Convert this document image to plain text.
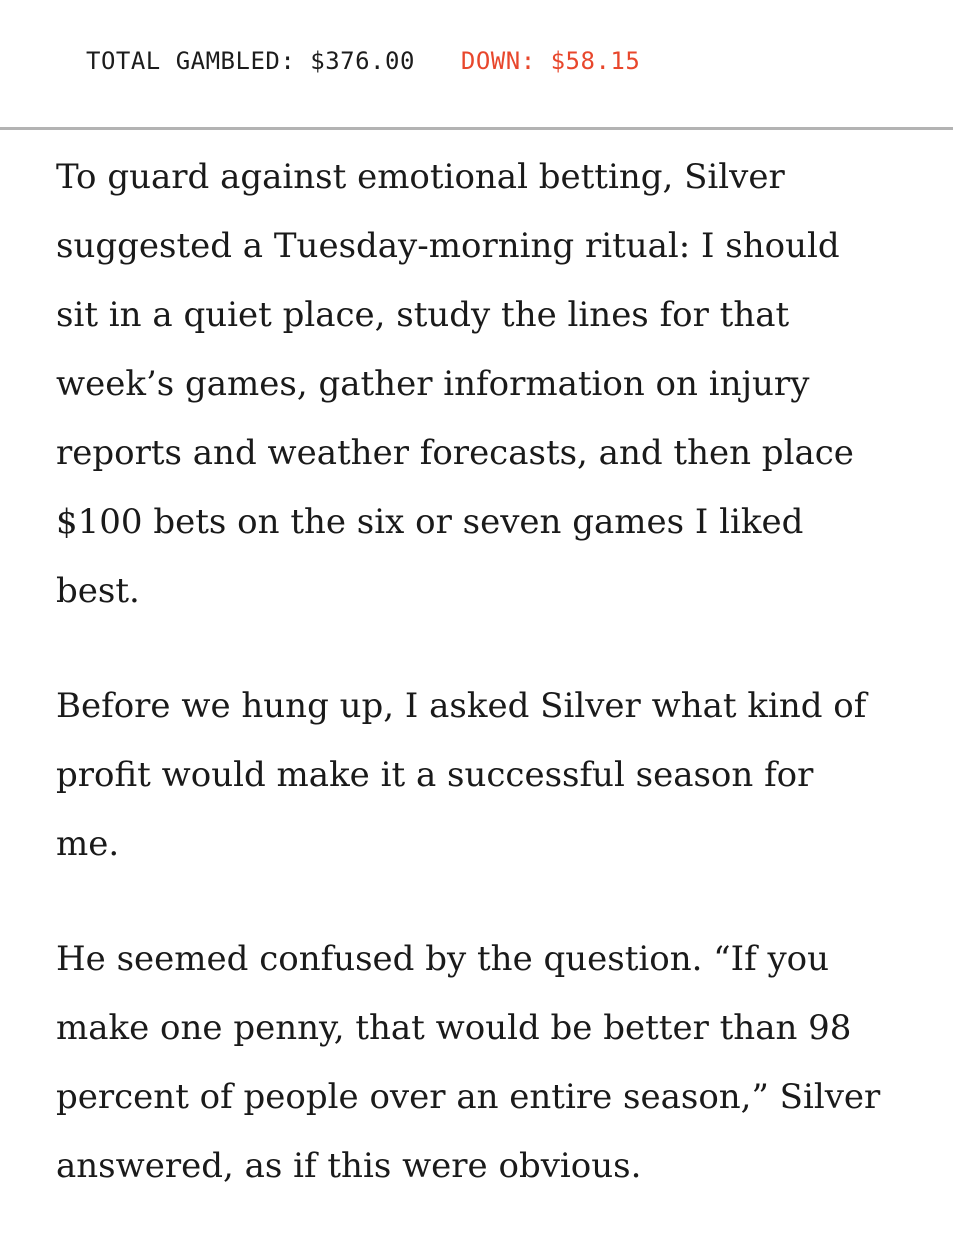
TOTAL GAMBLED: $376.00 DOWN: $58.15

To guard against emotional betting, Silver
suggested a Tuesday-morning ritual: I should
sit in a quiet place, study the lines for that
week’s games, gather information on injury
reports and weather forecasts, and then place
$100 bets on the six or seven games I liked
best.

Before we hung up, I asked Silver what kind of
profit would make it a successful season for
me.

He seemed confused by the question. “If you
make one penny, that would be better than 98
percent of people over an entire season,” Silver
answered, as if this were obvious.
